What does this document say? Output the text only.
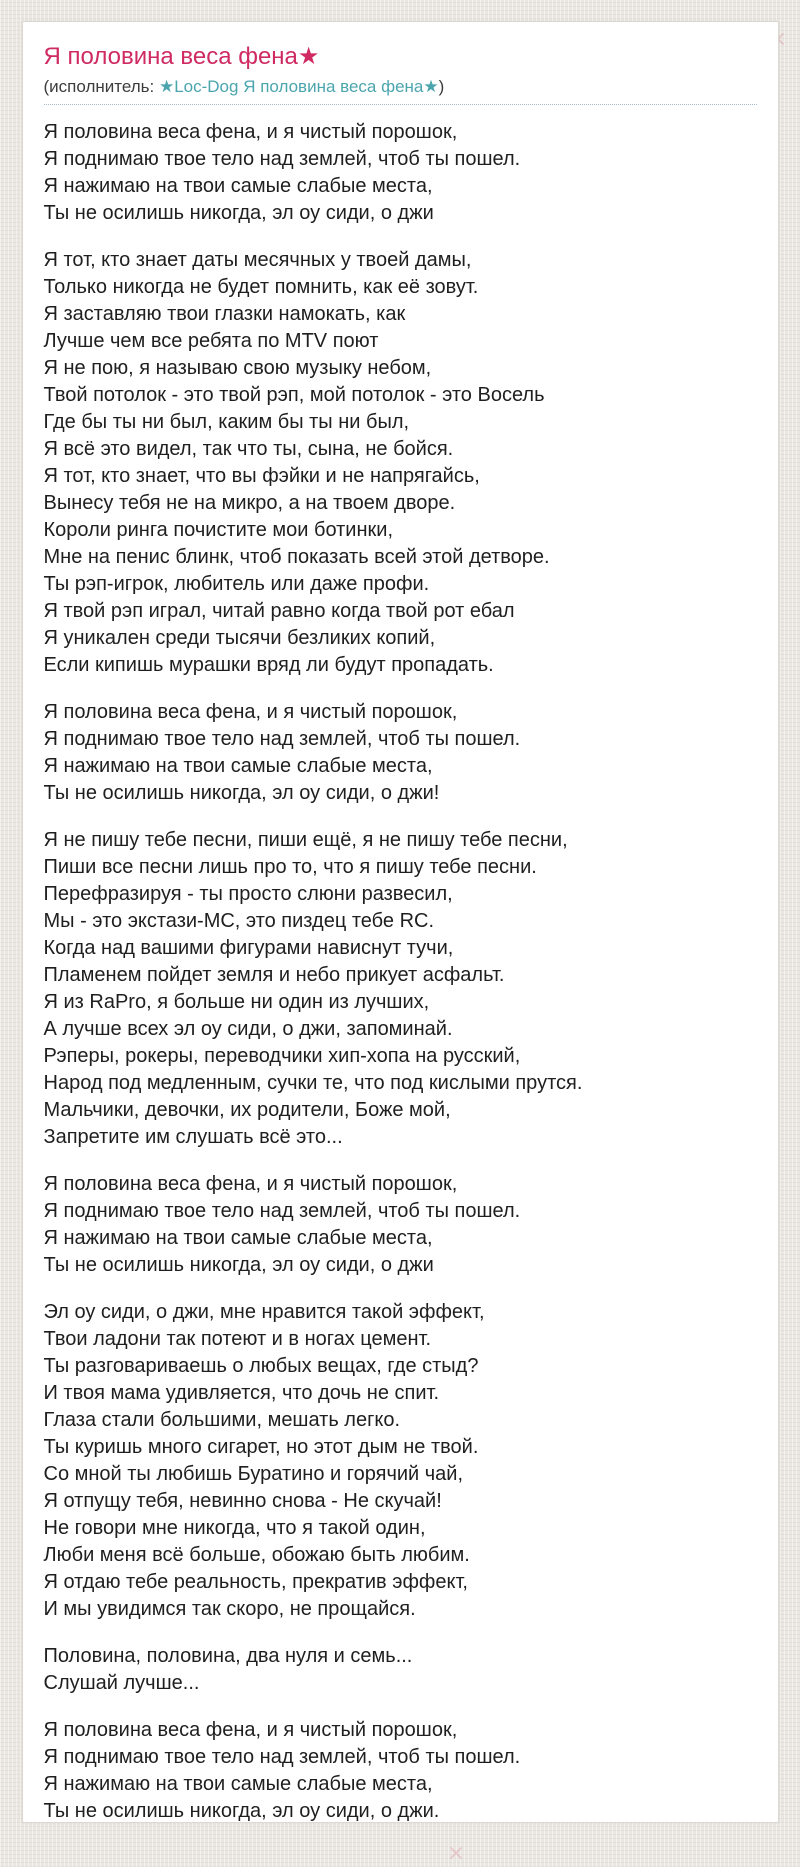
Я половина веса фена★
(исполнитель: ★Loc-Dog Я половина веса фена★)

Я половина веса фена, и я чистый порошок,
Я поднимаю твое тело над землей, чтоб ты пошел.
Я нажимаю на твои самые слабые места,
Ты не осилишь никогда, эл оу сиди, о джи

Я тот, кто знает даты месячных у твоей дамы,
Только никогда не будет помнить, как её зовут.
Я заставляю твои глазки намокать, как
Лучше чем все ребята по MTV поют
Я не пою, я называю свою музыку небом,
Твой потолок - это твой рэп, мой потолок - это Восель
Где бы ты ни был, каким бы ты ни был,
Я всё это видел, так что ты, сына, не бойся.
Я тот, кто знает, что вы фэйки и не напрягайсь,
Вынесу тебя не на микро, а на твоем дворе.
Короли ринга почистите мои ботинки,
Мне на пенис блинк, чтоб показать всей этой детворе.
Ты рэп-игрок, любитель или даже профи.
Я твой рэп играл, читай равно когда твой рот ебал
Я уникален среди тысячи безликих копий,
Если кипишь мурашки вряд ли будут пропадать.

Я половина веса фена, и я чистый порошок,
Я поднимаю твое тело над землей, чтоб ты пошел.
Я нажимаю на твои самые слабые места,
Ты не осилишь никогда, эл оу сиди, о джи!

Я не пишу тебе песни, пиши ещё, я не пишу тебе песни,
Пиши все песни лишь про то, что я пишу тебе песни.
Перефразируя - ты просто слюни развесил,
Мы - это экстази-MC, это пиздец тебе RC.
Когда над вашими фигурами нависнут тучи,
Пламенем пойдет земля и небо прикует асфальт.
Я из RaPro, я больше ни один из лучших,
А лучше всех эл оу сиди, о джи, запоминай.
Рэперы, рокеры, переводчики хип-хопа на русский,
Народ под медленным, сучки те, что под кислыми прутся.
Мальчики, девочки, их родители, Боже мой,
Запретите им слушать всё это...

Я половина веса фена, и я чистый порошок,
Я поднимаю твое тело над землей, чтоб ты пошел.
Я нажимаю на твои самые слабые места,
Ты не осилишь никогда, эл оу сиди, о джи

Эл оу сиди, о джи, мне нравится такой эффект,
Твои ладони так потеют и в ногах цемент.
Ты разговариваешь о любых вещах, где стыд?
И твоя мама удивляется, что дочь не спит.
Глаза стали большими, мешать легко.
Ты куришь много сигарет, но этот дым не твой.
Со мной ты любишь Буратино и горячий чай,
Я отпущу тебя, невинно снова - Не скучай!
Не говори мне никогда, что я такой один,
Люби меня всё больше, обожаю быть любим.
Я отдаю тебе реальность, прекратив эффект,
И мы увидимся так скоро, не прощайся.

Половина, половина, два нуля и семь...
Слушай лучше...

Я половина веса фена, и я чистый порошок,
Я поднимаю твое тело над землей, чтоб ты пошел.
Я нажимаю на твои самые слабые места,
Ты не осилишь никогда, эл оу сиди, о джи.
